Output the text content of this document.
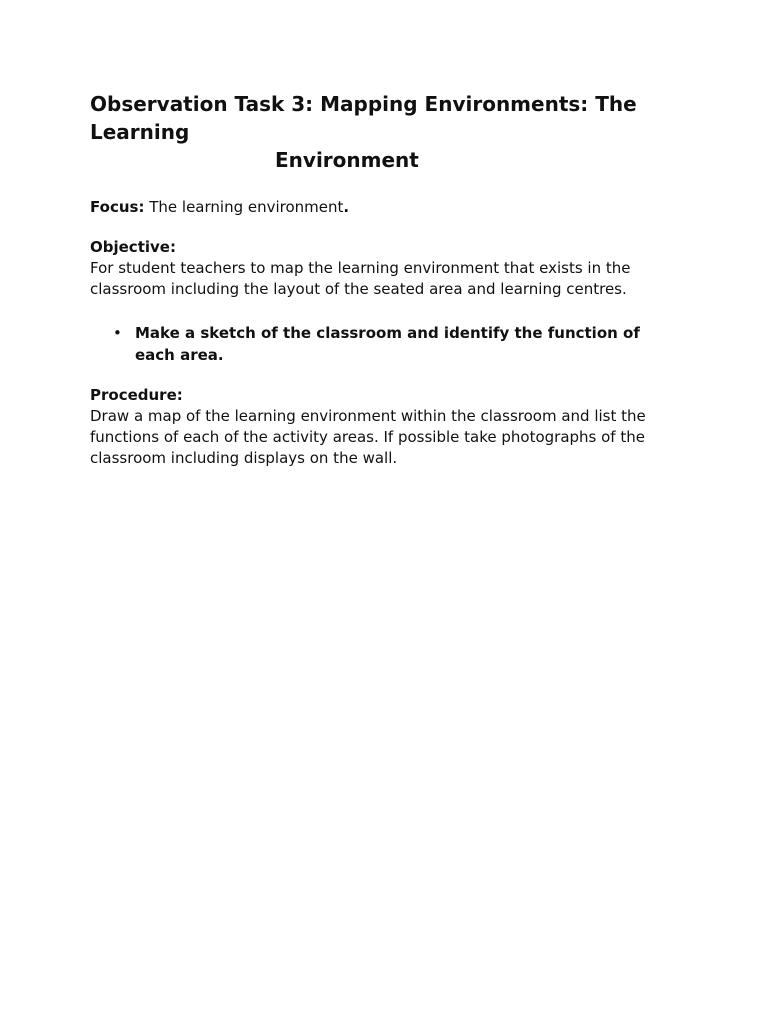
Observation Task 3: Mapping Environments: The Learning
Environment

Focus: The learning environment.

Objective:

For student teachers to map the learning environment that exists in the classroom including the layout of the seated area and learning centres.

• Make a sketch of the classroom and identify the function of each area.

Procedure:

Draw a map of the learning environment within the classroom and list the functions of each of the activity areas. If possible take photographs of the classroom including displays on the wall.
